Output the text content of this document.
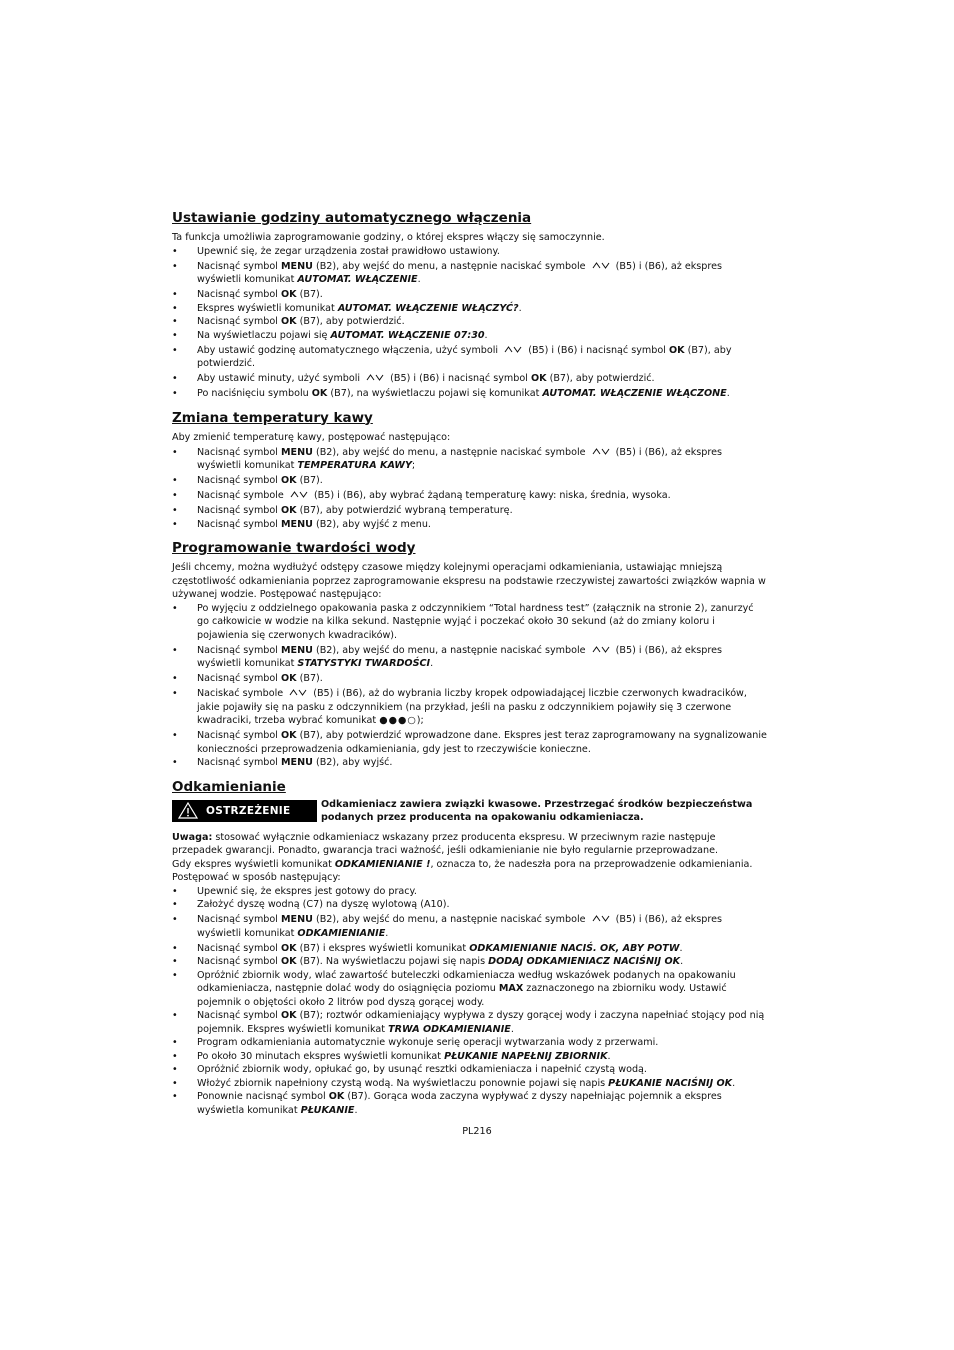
Ustawianie godziny automatycznego włączenia

Ta funkcja umożliwia zaprogramowanie godziny, o której ekspres włączy się samoczynnie.

• Upewnić się, że zegar urządzenia został prawidłowo ustawiony.
• Nacisnąć symbol MENU (B2), aby wejść do menu, a następnie naciskać symbole	(B5) i (B6), aż ekspres wyświetli komunikat AUTOMAT. WŁĄCZENIE.
• Nacisnąć symbol OK (B7).
• Ekspres wyświetli komunikat AUTOMAT. WŁĄCZENIE WŁĄCZYĆ?.
• Nacisnąć symbol OK (B7), aby potwierdzić.
• Na wyświetlaczu pojawi się AUTOMAT. WŁĄCZENIE 07:30.
• Aby ustawić godzinę automatycznego włączenia, użyć symboli	(B5) i (B6) i nacisnąć symbol OK (B7), aby potwierdzić.
• Aby ustawić minuty, użyć symboli	(B5) i (B6) i nacisnąć symbol OK (B7), aby potwierdzić.
• Po naciśnięciu symbolu OK (B7), na wyświetlaczu pojawi się komunikat AUTOMAT. WŁĄCZENIE WŁĄCZONE.
Zmiana temperatury kawy

Aby zmienić temperaturę kawy, postępować następująco:

• Nacisnąć symbol MENU (B2), aby wejść do menu, a następnie naciskać symbole	(B5) i (B6), aż ekspres wyświetli komunikat TEMPERATURA KAWY;
• Nacisnąć symbol OK (B7).
• Nacisnąć symbole	(B5) i (B6), aby wybrać żądaną temperaturę kawy: niska, średnia, wysoka.
• Nacisnąć symbol OK (B7), aby potwierdzić wybraną temperaturę.
• Nacisnąć symbol MENU (B2), aby wyjść z menu.
Programowanie twardości wody

Jeśli chcemy, można wydłużyć odstępy czasowe między kolejnymi operacjami odkamieniania, ustawiając mniejszą częstotliwość odkamieniania poprzez zaprogramowanie ekspresu na podstawie rzeczywistej zawartości związków wapnia w używanej wodzie. Postępować następująco:

• Po wyjęciu z oddzielnego opakowania paska z odczynnikiem “Total hardness test” (załącznik na stronie 2), zanurzyć go całkowicie w wodzie na kilka sekund. Następnie wyjąć i poczekać około 30 sekund (aż do zmiany koloru i pojawienia się czerwonych kwadracików).
• Nacisnąć symbol MENU (B2), aby wejść do menu, a następnie naciskać symbole	(B5) i (B6), aż ekspres wyświetli komunikat STATYSTYKI TWARDOŚCI.
• Nacisnąć symbol OK (B7).
• Naciskać symbole	(B5) i (B6), aż do wybrania liczby kropek odpowiadającej liczbie czerwonych kwadracików, jakie pojawiły się na pasku z odczynnikiem (na przykład, jeśli na pasku z odczynnikiem pojawiły się 3 czerwone kwadraciki, trzeba wybrać komunikat ●●●○);
• Nacisnąć symbol OK (B7), aby potwierdzić wprowadzone dane. Ekspres jest teraz zaprogramowany na sygnalizowanie konieczności przeprowadzenia odkamieniania, gdy jest to rzeczywiście konieczne.
• Nacisnąć symbol MENU (B2), aby wyjść.
Odkamienianie
OSTRZEŻENIE
Odkamieniacz zawiera związki kwasowe. Przestrzegać środków bezpieczeństwa podanych przez producenta na opakowaniu odkamieniacza.

Uwaga: stosować wyłącznie odkamieniacz wskazany przez producenta ekspresu. W przeciwnym razie następuje przepadek gwarancji. Ponadto, gwarancja traci ważność, jeśli odkamienianie nie było regularnie przeprowadzane.

Gdy ekspres wyświetli komunikat ODKAMIENIANIE !, oznacza to, że nadeszła pora na przeprowadzenie odkamieniania.

Postępować w sposób następujący:

• Upewnić się, że ekspres jest gotowy do pracy.
• Założyć dyszę wodną (C7) na dyszę wylotową (A10).
• Nacisnąć symbol MENU (B2), aby wejść do menu, a następnie naciskać symbole	(B5) i (B6), aż ekspres wyświetli komunikat ODKAMIENIANIE.
• Nacisnąć symbol OK (B7) i ekspres wyświetli komunikat ODKAMIENIANIE NACIŚ. OK, ABY POTW.
• Nacisnąć symbol OK (B7). Na wyświetlaczu pojawi się napis DODAJ ODKAMIENIACZ NACIŚNIJ OK.
• Opróżnić zbiornik wody, wlać zawartość buteleczki odkamieniacza według wskazówek podanych na opakowaniu odkamieniacza, następnie dolać wody do osiągnięcia poziomu MAX zaznaczonego na zbiorniku wody. Ustawić pojemnik o objętości około 2 litrów pod dyszą gorącej wody.
• Nacisnąć symbol OK (B7); roztwór odkamieniający wypływa z dyszy gorącej wody i zaczyna napełniać stojący pod nią pojemnik. Ekspres wyświetli komunikat TRWA ODKAMIENIANIE.
• Program odkamieniania automatycznie wykonuje serię operacji wytwarzania wody z przerwami.
• Po około 30 minutach ekspres wyświetli komunikat PŁUKANIE NAPEŁNIJ ZBIORNIK.
• Opróżnić zbiornik wody, opłukać go, by usunąć resztki odkamieniacza i napełnić czystą wodą.
• Włożyć zbiornik napełniony czystą wodą. Na wyświetlaczu ponownie pojawi się napis PŁUKANIE NACIŚNIJ OK.
• Ponownie nacisnąć symbol OK (B7). Gorąca woda zaczyna wypływać z dyszy napełniając pojemnik a ekspres wyświetla komunikat PŁUKANIE.
PL216
